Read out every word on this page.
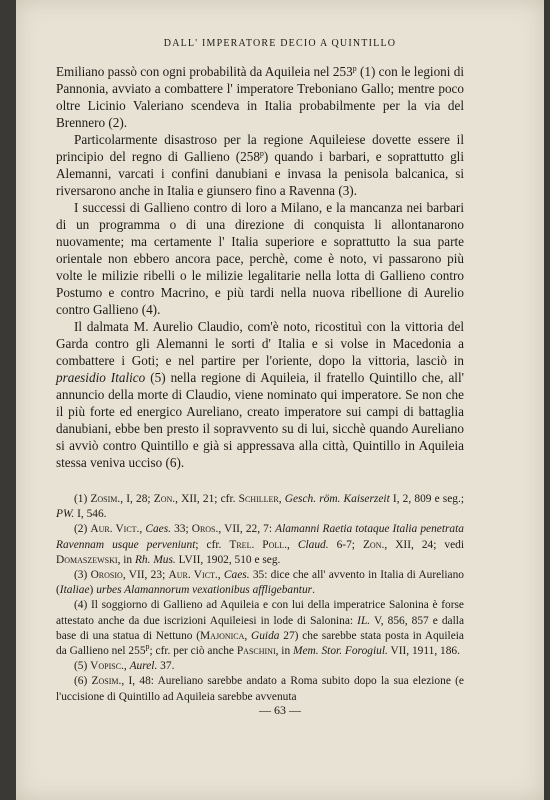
DALL' IMPERATORE DECIO A QUINTILLO

Emiliano passò con ogni probabilità da Aquileia nel 253$^p$ (1) con le legioni di Pannonia, avviato a combattere l' imperatore Treboniano Gallo; mentre poco oltre Licinio Valeriano scendeva in Italia probabilmente per la via del Brennero (2).

Particolarmente disastroso per la regione Aquileiese dovette essere il principio del regno di Gallieno (258$^p$) quando i barbari, e soprattutto gli Alemanni, varcati i confini danubiani e invasa la penisola balcanica, si riversarono anche in Italia e giunsero fino a Ravenna (3).

I successi di Gallieno contro di loro a Milano, e la mancanza nei barbari di un programma o di una direzione di conquista li allontanarono nuovamente; ma certamente l' Italia superiore e soprattutto la sua parte orientale non ebbero ancora pace, perchè, come è noto, vi passarono più volte le milizie ribelli o le milizie legalitarie nella lotta di Gallieno contro Postumo e contro Macrino, e più tardi nella nuova ribellione di Aurelio contro Gallieno (4).

Il dalmata M. Aurelio Claudio, com'è noto, ricostituì con la vittoria del Garda contro gli Alemanni le sorti d' Italia e si volse in Macedonia a combattere i Goti; e nel partire per l'oriente, dopo la vittoria, lasciò in praesidio Italico (5) nella regione di Aquileia, il fratello Quintillo che, all' annuncio della morte di Claudio, viene nominato qui imperatore. Se non che il più forte ed energico Aureliano, creato imperatore sui campi di battaglia danubiani, ebbe ben presto il sopravvento su di lui, sicchè quando Aureliano si avviò contro Quintillo e già si appressava alla città, Quintillo in Aquileia stessa veniva ucciso (6).

(1) Zosim., I, 28; Zon., XII, 21; cfr. Schiller, Gesch. röm. Kaiserzeit I, 2, 809 e seg.; PW. I, 546.

(2) Aur. Vict., Caes. 33; Oros., VII, 22, 7: Alamanni Raetia totaque Italia penetrata Ravennam usque perveniunt; cfr. Trel. Poll., Claud. 6-7; Zon., XII, 24; vedi Domaszewski, in Rh. Mus. LVII, 1902, 510 e seg.

(3) Orosio, VII, 23; Aur. Vict., Caes. 35: dice che all' avvento in Italia di Aureliano (Italiae) urbes Alamannorum vexationibus affligebantur.

(4) Il soggiorno di Gallieno ad Aquileia e con lui della imperatrice Salonina è forse attestato anche da due iscrizioni Aquileiesi in lode di Salonina: IL. V, 856, 857 e dalla base di una statua di Nettuno (Majonica, Guida 27) che sarebbe stata posta in Aquileia da Gallieno nel 255$^p$; cfr. per ciò anche Paschini, in Mem. Stor. Forogiul. VII, 1911, 186.

(5) Vopisc., Aurel. 37.

(6) Zosim., I, 48: Aureliano sarebbe andato a Roma subito dopo la sua elezione (e l'uccisione di Quintillo ad Aquileia sarebbe avvenuta

— 63 —
